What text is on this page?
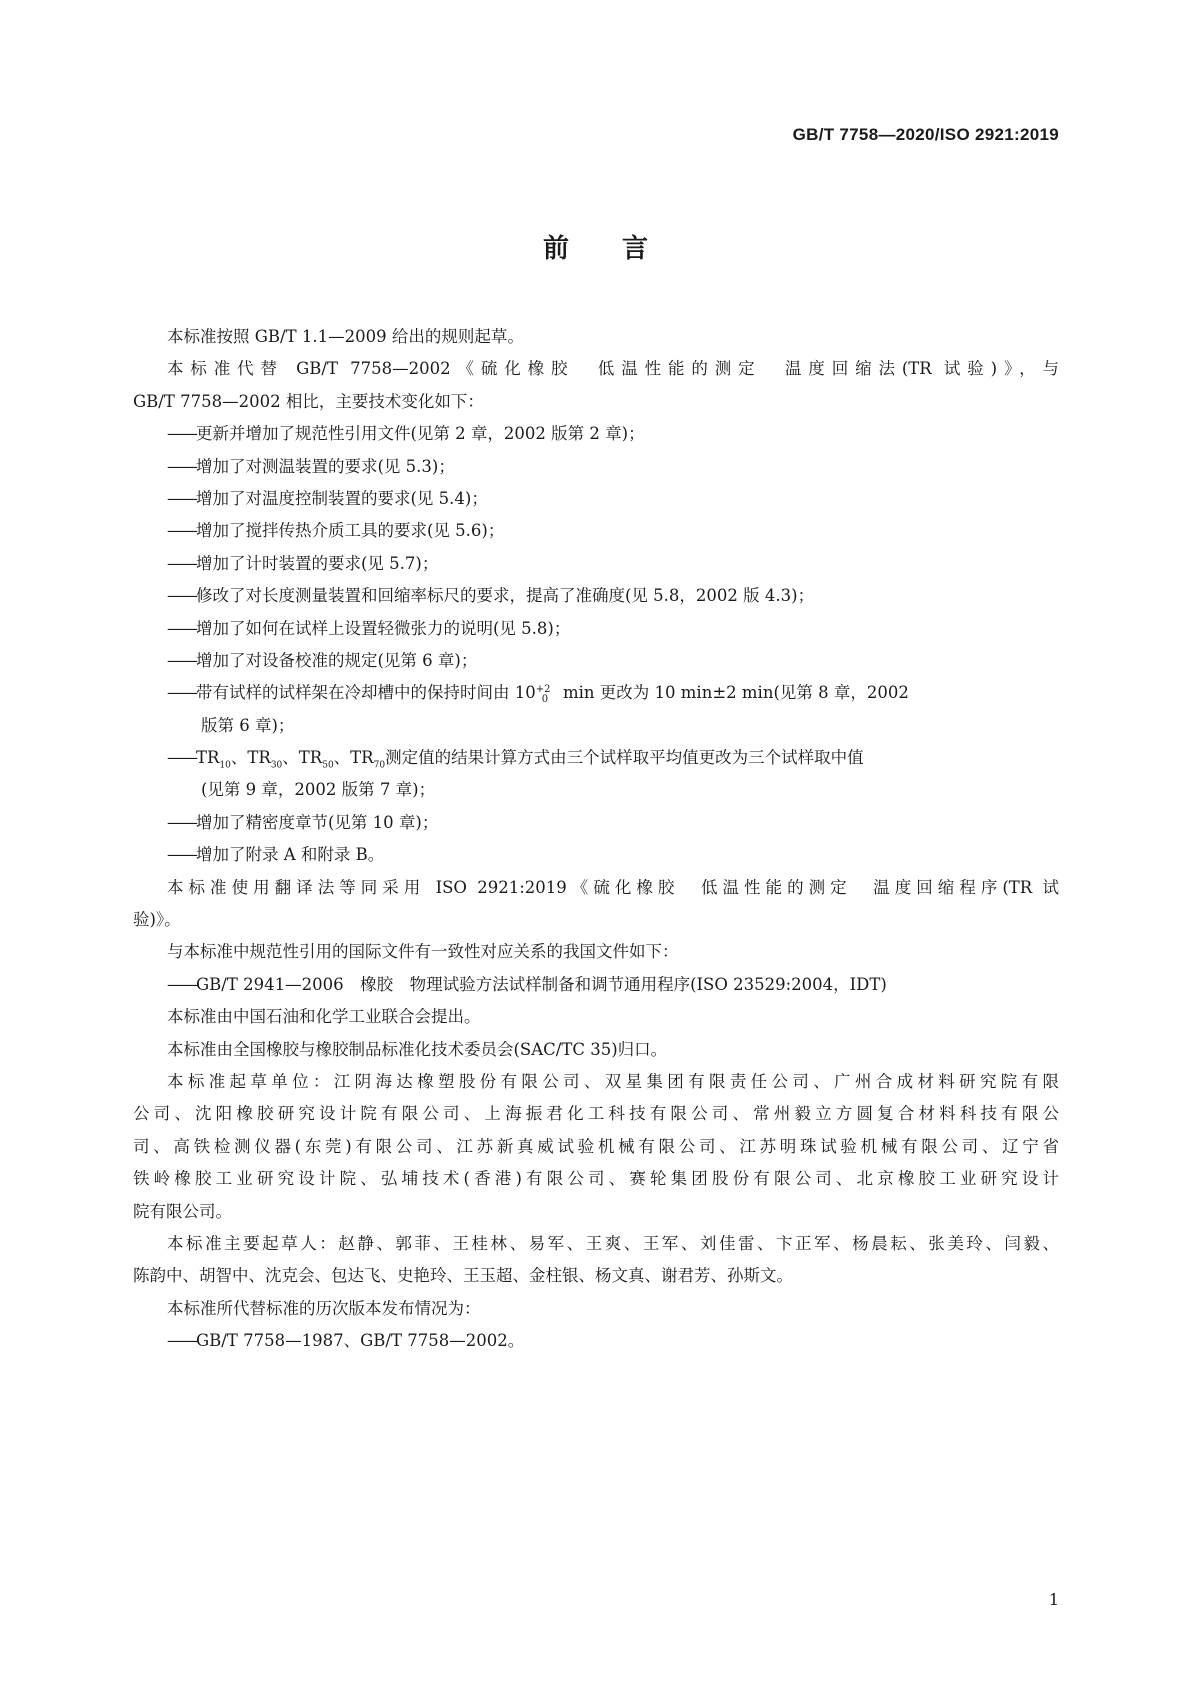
GB/T 7758—2020/ISO 2921:2019
前 言
本标准按照 GB/T 1.1—2009 给出的规则起草。
本标准代替 GB/T 7758—2002《硫化橡胶　低温性能的测定　温度回缩法(TR 试验)》，与
GB/T 7758—2002 相比，主要技术变化如下：
—— 更新并增加了规范性引用文件(见第 2 章，2002 版第 2 章)；
—— 增加了对测温装置的要求(见 5.3)；
—— 增加了对温度控制装置的要求(见 5.4)；
—— 增加了搅拌传热介质工具的要求(见 5.6)；
—— 增加了计时装置的要求(见 5.7)；
—— 修改了对长度测量装置和回缩率标尺的要求，提高了准确度(见 5.8，2002 版 4.3)；
—— 增加了如何在试样上设置轻微张力的说明(见 5.8)；
—— 增加了对设备校准的规定(见第 6 章)；
—— 带有试样的试样架在冷却槽中的保持时间由 10 +2
0 min 更改为 10 min±2 min(见第 8 章，2002
版第 6 章)；
—— $TR_{10}$、$TR_{30}$、$TR_{50}$、$TR_{70}$测定值的结果计算方式由三个试样取平均值更改为三个试样取中值
(见第 9 章，2002 版第 7 章)；
—— 增加了精密度章节(见第 10 章)；
—— 增加了附录 A 和附录 B。
本标准使用翻译法等同采用 ISO 2921:2019《硫化橡胶　低温性能的测定　温度回缩程序(TR 试
验)》。
与本标准中规范性引用的国际文件有一致性对应关系的我国文件如下：
—— GB/T 2941—2006　橡胶　物理试验方法试样制备和调节通用程序(ISO 23529:2004，IDT)
本标准由中国石油和化学工业联合会提出。
本标准由全国橡胶与橡胶制品标准化技术委员会(SAC/TC 35)归口。
本标准起草单位：江阴海达橡塑股份有限公司、双星集团有限责任公司、广州合成材料研究院有限
公司、沈阳橡胶研究设计院有限公司、上海振君化工科技有限公司、常州毅立方圆复合材料科技有限公
司、高铁检测仪器(东莞)有限公司、江苏新真威试验机械有限公司、江苏明珠试验机械有限公司、辽宁省
铁岭橡胶工业研究设计院、弘埔技术(香港)有限公司、赛轮集团股份有限公司、北京橡胶工业研究设计
院有限公司。
本标准主要起草人：赵静、郭菲、王桂林、易军、王爽、王军、刘佳雷、卞正军、杨晨耘、张美玲、闫毅、
陈韵中、胡智中、沈克会、包达飞、史艳玲、王玉超、金柱银、杨文真、谢君芳、孙斯文。
本标准所代替标准的历次版本发布情况为：
—— GB/T 7758—1987、GB/T 7758—2002。
1
